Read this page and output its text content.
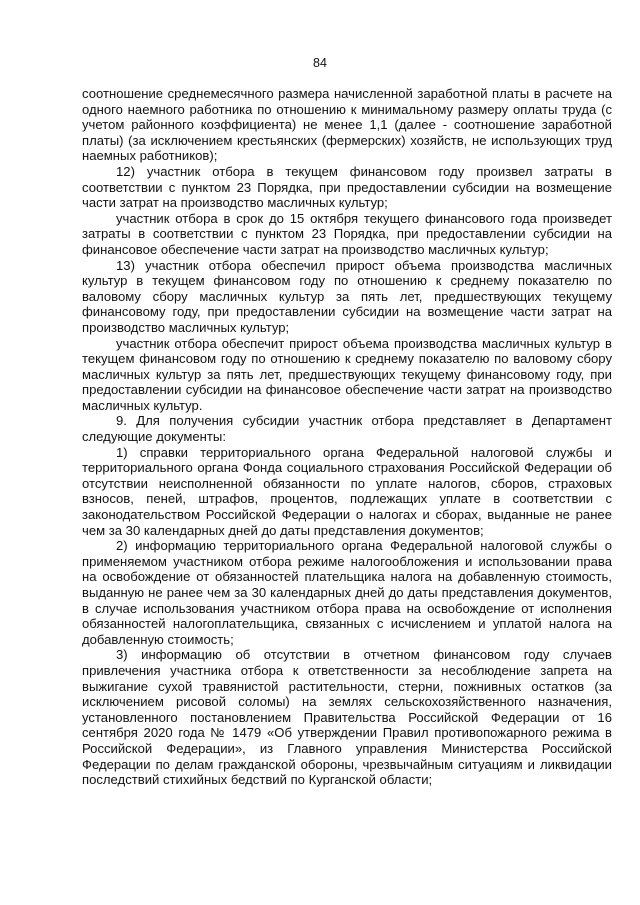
84

соотношение среднемесячного размера начисленной заработной платы в расчете на одного наемного работника по отношению к минимальному размеру оплаты труда (с учетом районного коэффициента) не менее 1,1 (далее - соотношение заработной платы) (за исключением крестьянских (фермерских) хозяйств, не использующих труд наемных работников);

12) участник отбора в текущем финансовом году произвел затраты в соответствии с пунктом 23 Порядка, при предоставлении субсидии на возмещение части затрат на производство масличных культур;

участник отбора в срок до 15 октября текущего финансового года произведет затраты в соответствии с пунктом 23 Порядка, при предоставлении субсидии на финансовое обеспечение части затрат на производство масличных культур;

13) участник отбора обеспечил прирост объема производства масличных культур в текущем финансовом году по отношению к среднему показателю по валовому сбору масличных культур за пять лет, предшествующих текущему финансовому году, при предоставлении субсидии на возмещение части затрат на производство масличных культур;

участник отбора обеспечит прирост объема производства масличных культур в текущем финансовом году по отношению к среднему показателю по валовому сбору масличных культур за пять лет, предшествующих текущему финансовому году, при предоставлении субсидии на финансовое обеспечение части затрат на производство масличных культур.

9. Для получения субсидии участник отбора представляет в Департамент следующие документы:

1) справки территориального органа Федеральной налоговой службы и территориального органа Фонда социального страхования Российской Федерации об отсутствии неисполненной обязанности по уплате налогов, сборов, страховых взносов, пеней, штрафов, процентов, подлежащих уплате в соответствии с законодательством Российской Федерации о налогах и сборах, выданные не ранее чем за 30 календарных дней до даты представления документов;

2) информацию территориального органа Федеральной налоговой службы о применяемом участником отбора режиме налогообложения и использовании права на освобождение от обязанностей плательщика налога на добавленную стоимость, выданную не ранее чем за 30 календарных дней до даты представления документов, в случае использования участником отбора права на освобождение от исполнения обязанностей налогоплательщика, связанных с исчислением и уплатой налога на добавленную стоимость;

3) информацию об отсутствии в отчетном финансовом году случаев привлечения участника отбора к ответственности за несоблюдение запрета на выжигание сухой травянистой растительности, стерни, пожнивных остатков (за исключением рисовой соломы) на землях сельскохозяйственного назначения, установленного постановлением Правительства Российской Федерации от 16 сентября 2020 года № 1479 «Об утверждении Правил противопожарного режима в Российской Федерации», из Главного управления Министерства Российской Федерации по делам гражданской обороны, чрезвычайным ситуациям и ликвидации последствий стихийных бедствий по Курганской области;
